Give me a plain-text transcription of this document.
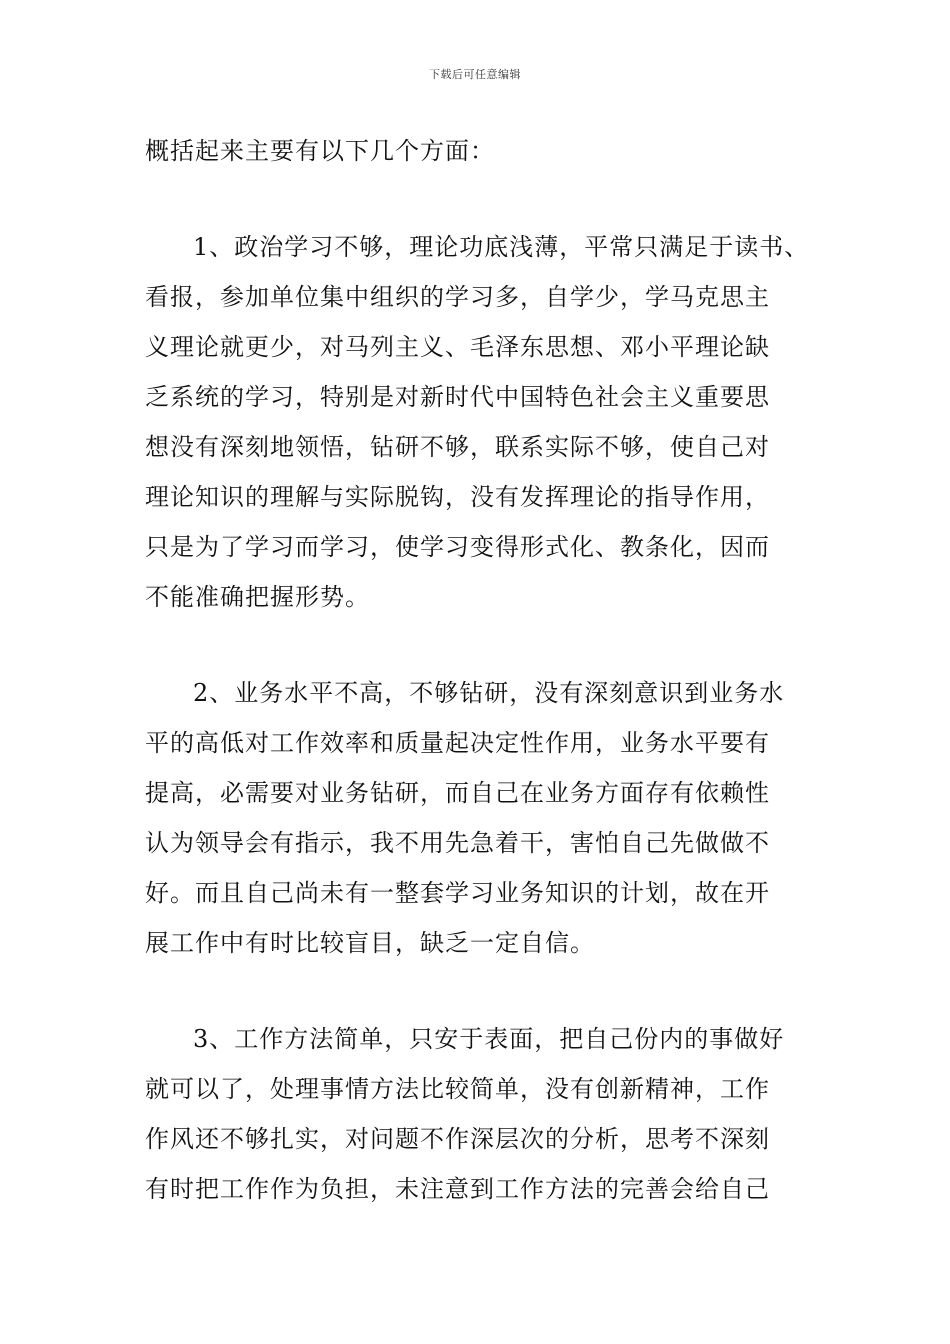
下载后可任意编辑
概括起来主要有以下几个方面：
1、政治学习不够，理论功底浅薄，平常只满足于读书、
看报，参加单位集中组织的学习多，自学少，学马克思主
义理论就更少，对马列主义、毛泽东思想、邓小平理论缺
乏系统的学习，特别是对新时代中国特色社会主义重要思
想没有深刻地领悟，钻研不够，联系实际不够，使自己对
理论知识的理解与实际脱钩，没有发挥理论的指导作用，
只是为了学习而学习，使学习变得形式化、教条化，因而
不能准确把握形势。
2、业务水平不高，不够钻研，没有深刻意识到业务水
平的高低对工作效率和质量起决定性作用，业务水平要有
提高，必需要对业务钻研，而自己在业务方面存有依赖性
认为领导会有指示，我不用先急着干，害怕自己先做做不
好。而且自己尚未有一整套学习业务知识的计划，故在开
展工作中有时比较盲目，缺乏一定自信。
3、工作方法简单，只安于表面，把自己份内的事做好
就可以了，处理事情方法比较简单，没有创新精神，工作
作风还不够扎实，对问题不作深层次的分析，思考不深刻
有时把工作作为负担，未注意到工作方法的完善会给自己
